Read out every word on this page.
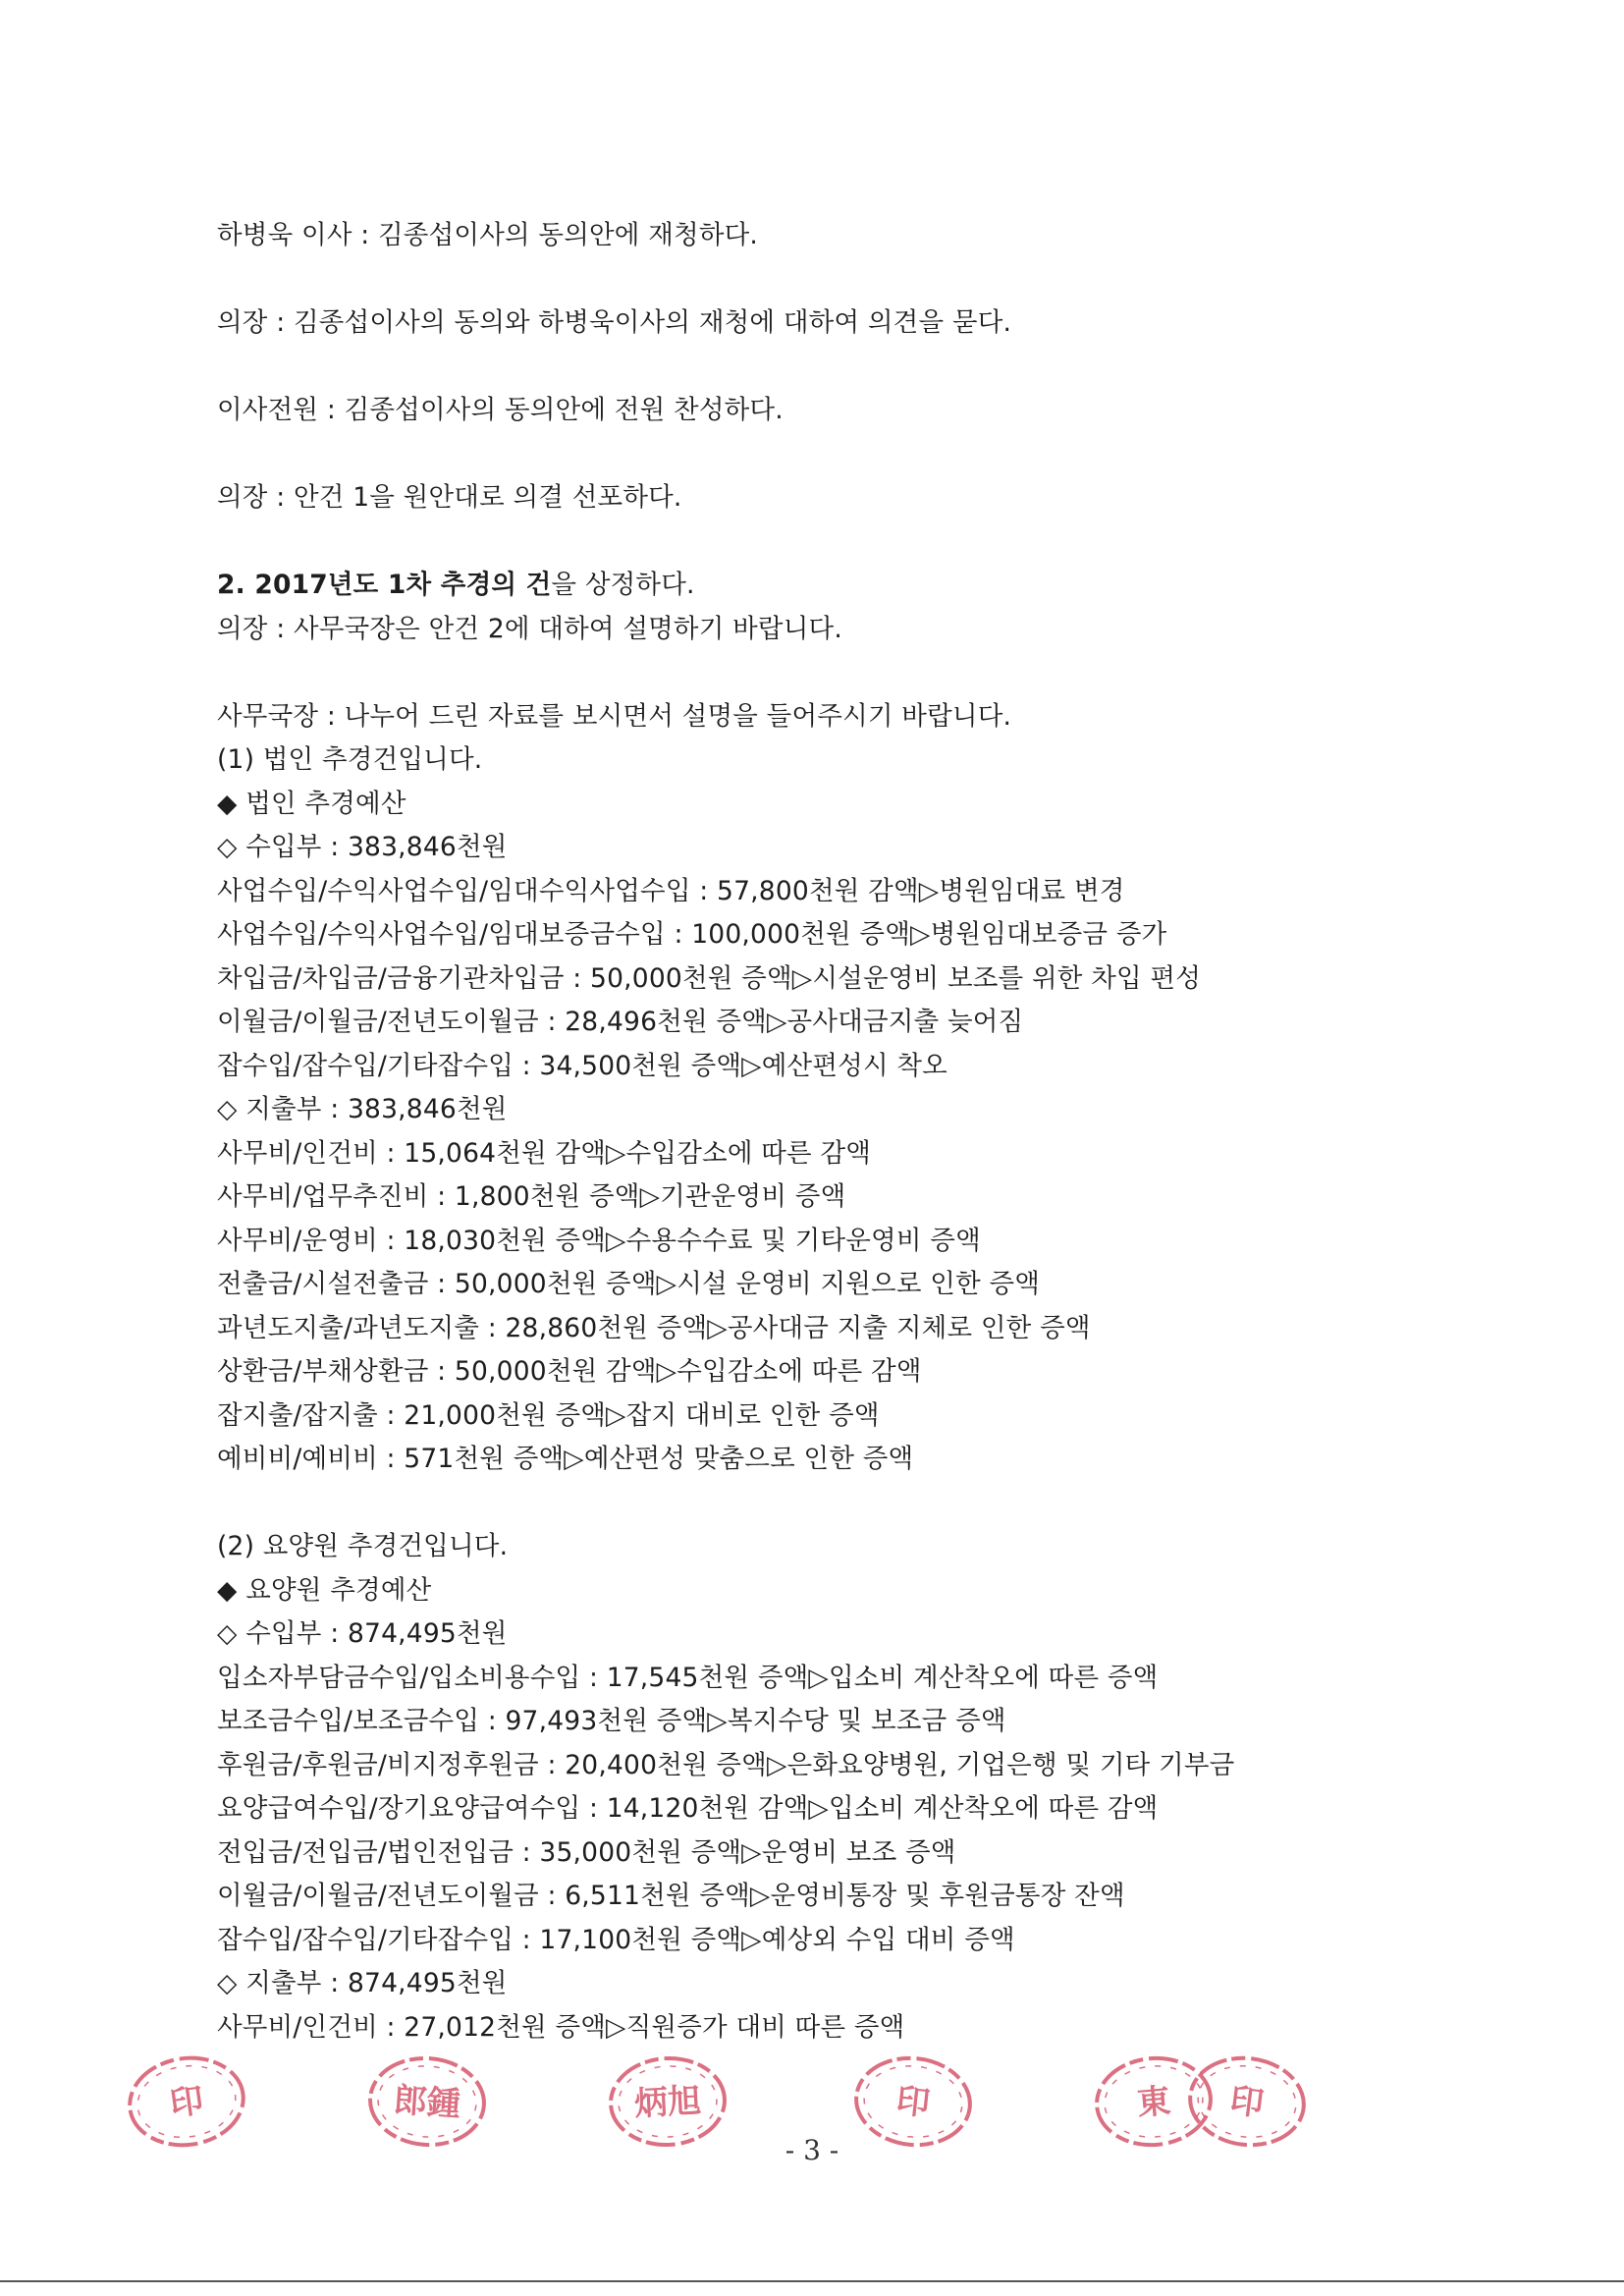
하병욱 이사 : 김종섭이사의 동의안에 재청하다.
의장 : 김종섭이사의 동의와 하병욱이사의 재청에 대하여 의견을 묻다.
이사전원 : 김종섭이사의 동의안에 전원 찬성하다.
의장 : 안건 1을 원안대로 의결 선포하다.
2. 2017년도 1차 추경의 건을 상정하다.
의장 : 사무국장은 안건 2에 대하여 설명하기 바랍니다.
사무국장 : 나누어 드린 자료를 보시면서 설명을 들어주시기 바랍니다.
(1) 법인 추경건입니다.
◆ 법인 추경예산
◇ 수입부 : 383,846천원
사업수입/수익사업수입/임대수익사업수입 : 57,800천원 감액▷병원임대료 변경
사업수입/수익사업수입/임대보증금수입 : 100,000천원 증액▷병원임대보증금 증가
차입금/차입금/금융기관차입금 : 50,000천원 증액▷시설운영비 보조를 위한 차입 편성
이월금/이월금/전년도이월금 : 28,496천원 증액▷공사대금지출 늦어짐
잡수입/잡수입/기타잡수입 : 34,500천원 증액▷예산편성시 착오
◇ 지출부 : 383,846천원
사무비/인건비 : 15,064천원 감액▷수입감소에 따른 감액
사무비/업무추진비 : 1,800천원 증액▷기관운영비 증액
사무비/운영비 : 18,030천원 증액▷수용수수료 및 기타운영비 증액
전출금/시설전출금 : 50,000천원 증액▷시설 운영비 지원으로 인한 증액
과년도지출/과년도지출 : 28,860천원 증액▷공사대금 지출 지체로 인한 증액
상환금/부채상환금 : 50,000천원 감액▷수입감소에 따른 감액
잡지출/잡지출 : 21,000천원 증액▷잡지 대비로 인한 증액
예비비/예비비 : 571천원 증액▷예산편성 맞춤으로 인한 증액
(2) 요양원 추경건입니다.
◆ 요양원 추경예산
◇ 수입부 : 874,495천원
입소자부담금수입/입소비용수입 : 17,545천원 증액▷입소비 계산착오에 따른 증액
보조금수입/보조금수입 : 97,493천원 증액▷복지수당 및 보조금 증액
후원금/후원금/비지정후원금 : 20,400천원 증액▷은화요양병원, 기업은행 및 기타 기부금
요양급여수입/장기요양급여수입 : 14,120천원 감액▷입소비 계산착오에 따른 감액
전입금/전입금/법인전입금 : 35,000천원 증액▷운영비 보조 증액
이월금/이월금/전년도이월금 : 6,511천원 증액▷운영비통장 및 후원금통장 잔액
잡수입/잡수입/기타잡수입 : 17,100천원 증액▷예상외 수입 대비 증액
◇ 지출부 : 874,495천원
사무비/인건비 : 27,012천원 증액▷직원증가 대비 따른 증액
印	郎鍾	炳旭	印	東 印
- 3 -
